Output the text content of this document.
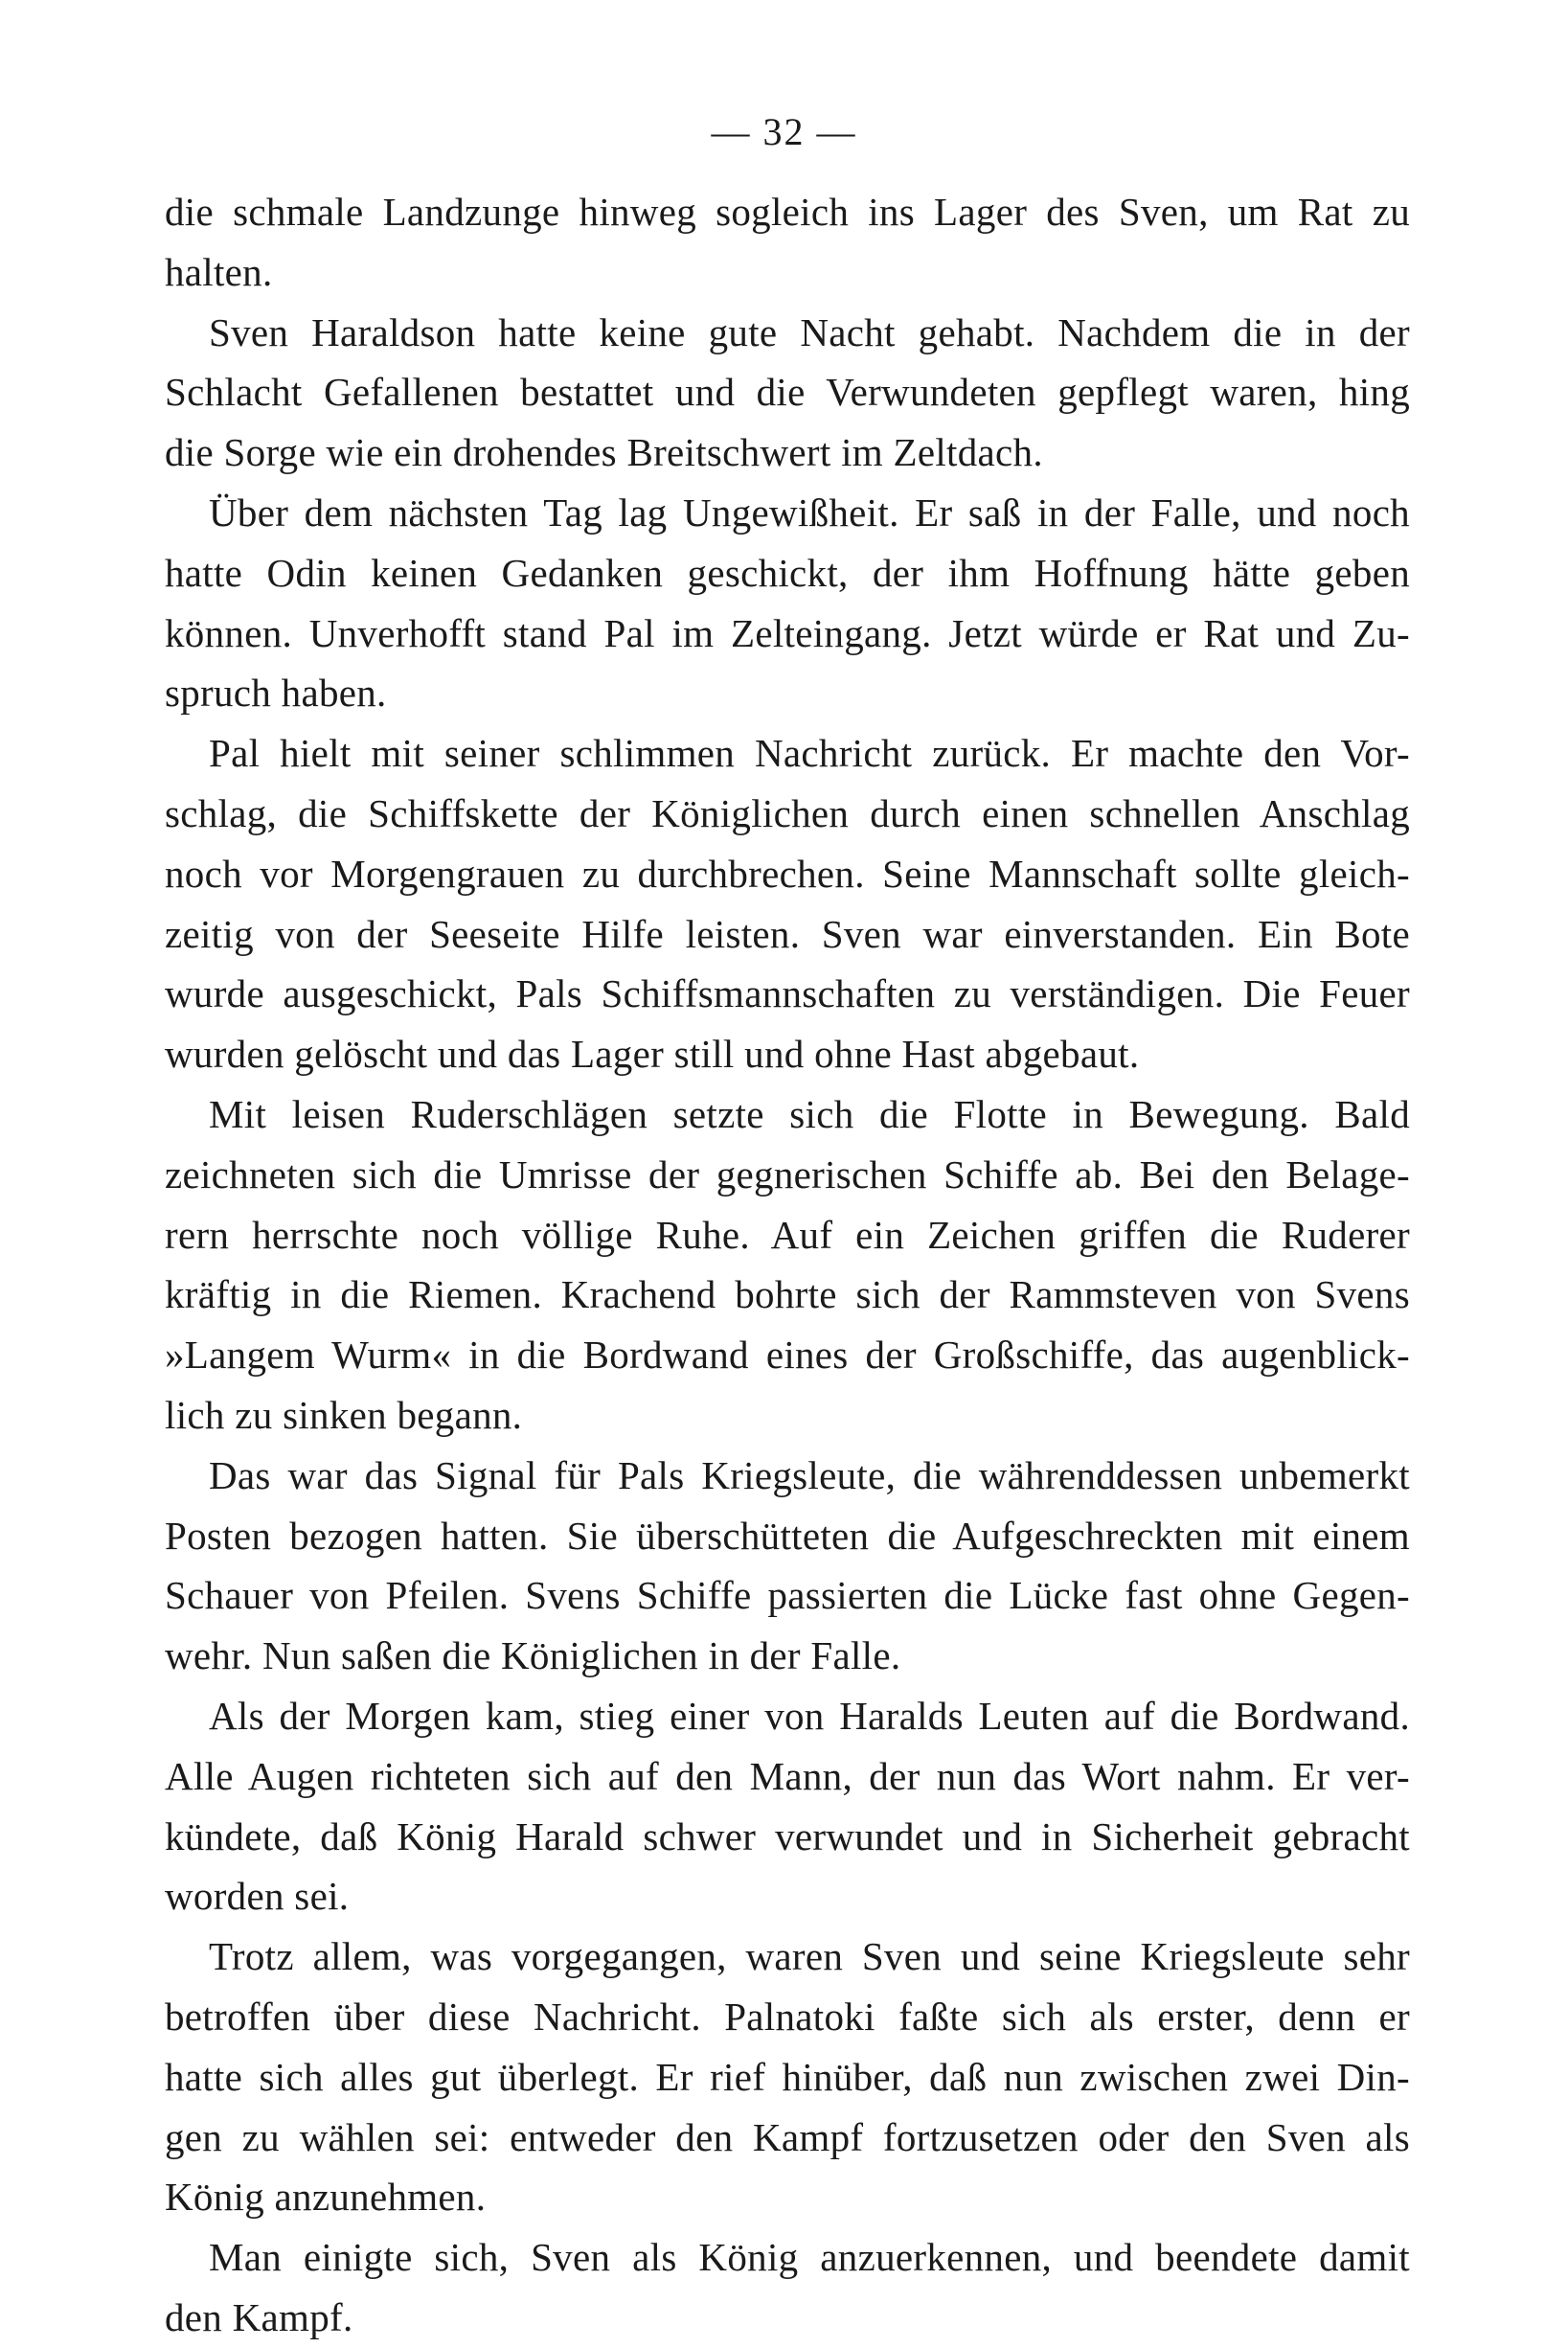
— 32 —
die schmale Landzunge hinweg sogleich ins Lager des Sven, um Rat zu
halten.
Sven Haraldson hatte keine gute Nacht gehabt. Nachdem die in der
Schlacht Gefallenen bestattet und die Verwundeten gepflegt waren, hing
die Sorge wie ein drohendes Breitschwert im Zeltdach.
Über dem nächsten Tag lag Ungewißheit. Er saß in der Falle, und noch
hatte Odin keinen Gedanken geschickt, der ihm Hoffnung hätte geben
können. Unverhofft stand Pal im Zelteingang. Jetzt würde er Rat und Zu-
spruch haben.
Pal hielt mit seiner schlimmen Nachricht zurück. Er machte den Vor-
schlag, die Schiffskette der Königlichen durch einen schnellen Anschlag
noch vor Morgengrauen zu durchbrechen. Seine Mannschaft sollte gleich-
zeitig von der Seeseite Hilfe leisten. Sven war einverstanden. Ein Bote
wurde ausgeschickt, Pals Schiffsmannschaften zu verständigen. Die Feuer
wurden gelöscht und das Lager still und ohne Hast abgebaut.
Mit leisen Ruderschlägen setzte sich die Flotte in Bewegung. Bald
zeichneten sich die Umrisse der gegnerischen Schiffe ab. Bei den Belage-
rern herrschte noch völlige Ruhe. Auf ein Zeichen griffen die Ruderer
kräftig in die Riemen. Krachend bohrte sich der Rammsteven von Svens
»Langem Wurm« in die Bordwand eines der Großschiffe, das augenblick-
lich zu sinken begann.
Das war das Signal für Pals Kriegsleute, die währenddessen unbemerkt
Posten bezogen hatten. Sie überschütteten die Aufgeschreckten mit einem
Schauer von Pfeilen. Svens Schiffe passierten die Lücke fast ohne Gegen-
wehr. Nun saßen die Königlichen in der Falle.
Als der Morgen kam, stieg einer von Haralds Leuten auf die Bordwand.
Alle Augen richteten sich auf den Mann, der nun das Wort nahm. Er ver-
kündete, daß König Harald schwer verwundet und in Sicherheit gebracht
worden sei.
Trotz allem, was vorgegangen, waren Sven und seine Kriegsleute sehr
betroffen über diese Nachricht. Palnatoki faßte sich als erster, denn er
hatte sich alles gut überlegt. Er rief hinüber, daß nun zwischen zwei Din-
gen zu wählen sei: entweder den Kampf fortzusetzen oder den Sven als
König anzunehmen.
Man einigte sich, Sven als König anzuerkennen, und beendete damit
den Kampf.
